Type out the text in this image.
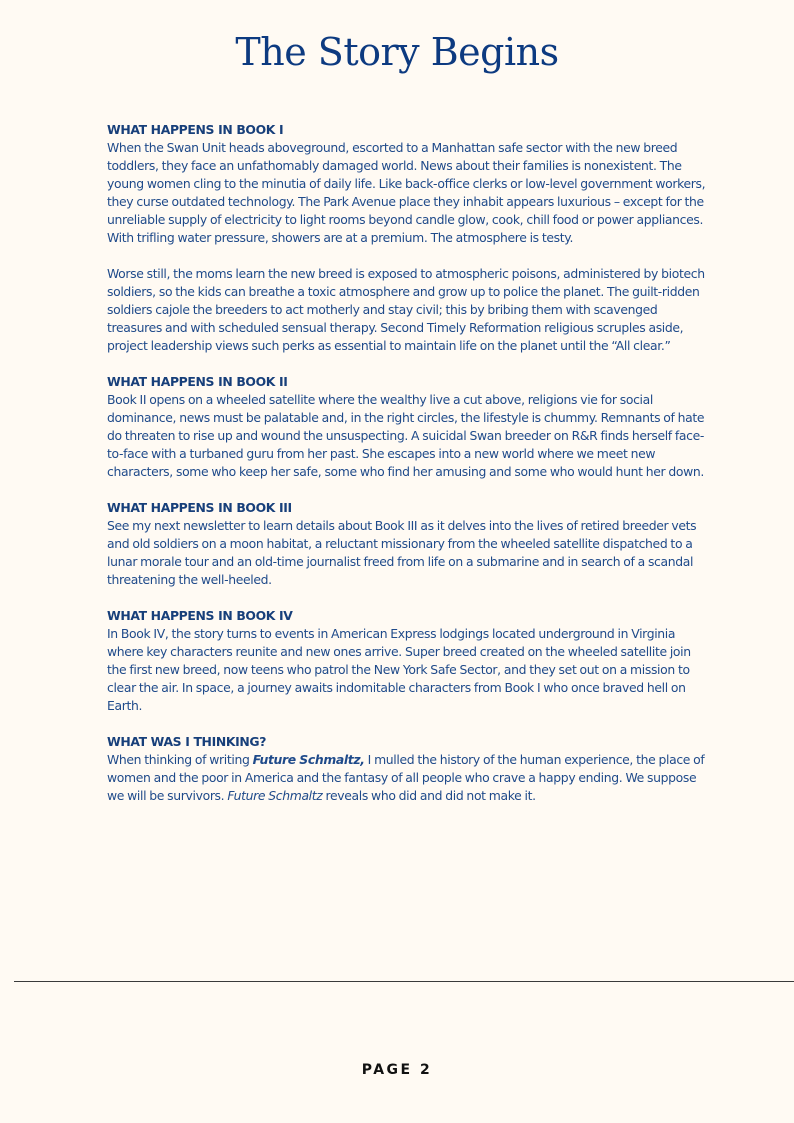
The Story Begins

WHAT HAPPENS IN BOOK I

When the Swan Unit heads aboveground, escorted to a Manhattan safe sector with the new breed toddlers, they face an unfathomably damaged world. News about their families is nonexistent. The young women cling to the minutia of daily life. Like back-office clerks or low-level government workers, they curse outdated technology. The Park Avenue place they inhabit appears luxurious – except for the unreliable supply of electricity to light rooms beyond candle glow, cook, chill food or power appliances. With trifling water pressure, showers are at a premium. The atmosphere is testy.

Worse still, the moms learn the new breed is exposed to atmospheric poisons, administered by biotech soldiers, so the kids can breathe a toxic atmosphere and grow up to police the planet. The guilt-ridden soldiers cajole the breeders to act motherly and stay civil; this by bribing them with scavenged treasures and with scheduled sensual therapy. Second Timely Reformation religious scruples aside, project leadership views such perks as essential to maintain life on the planet until the “All clear.”

WHAT HAPPENS IN BOOK II

Book II opens on a wheeled satellite where the wealthy live a cut above, religions vie for social dominance, news must be palatable and, in the right circles, the lifestyle is chummy. Remnants of hate do threaten to rise up and wound the unsuspecting. A suicidal Swan breeder on R&R finds herself face-to-face with a turbaned guru from her past. She escapes into a new world where we meet new characters, some who keep her safe, some who find her amusing and some who would hunt her down.

WHAT HAPPENS IN BOOK III

See my next newsletter to learn details about Book III as it delves into the lives of retired breeder vets and old soldiers on a moon habitat, a reluctant missionary from the wheeled satellite dispatched to a lunar morale tour and an old-time journalist freed from life on a submarine and in search of a scandal threatening the well-heeled.

WHAT HAPPENS IN BOOK IV

In Book IV, the story turns to events in American Express lodgings located underground in Virginia where key characters reunite and new ones arrive. Super breed created on the wheeled satellite join the first new breed, now teens who patrol the New York Safe Sector, and they set out on a mission to clear the air. In space, a journey awaits indomitable characters from Book I who once braved hell on Earth.

WHAT WAS I THINKING?

When thinking of writing Future Schmaltz, I mulled the history of the human experience, the place of women and the poor in America and the fantasy of all people who crave a happy ending. We suppose we will be survivors. Future Schmaltz reveals who did and did not make it.

PAGE 2
